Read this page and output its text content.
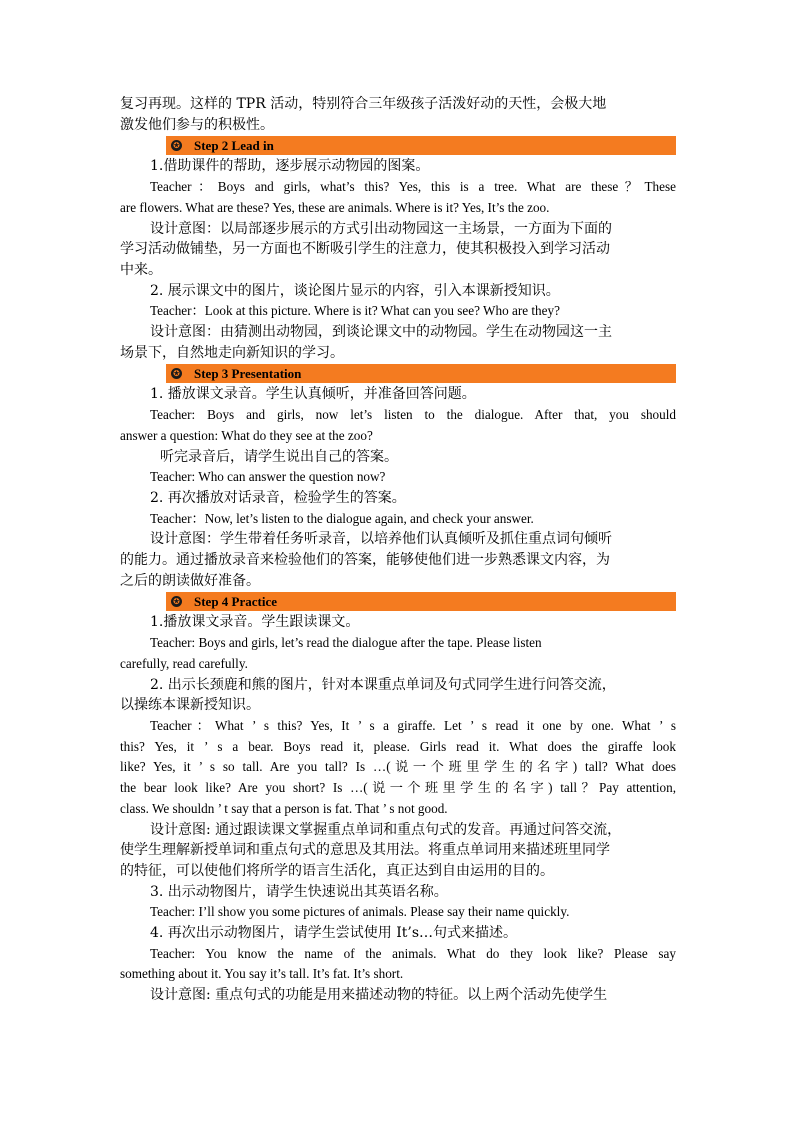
复习再现。这样的 TPR 活动，特别符合三年级孩子活泼好动的天性，会极大地
激发他们参与的积极性。
✪ Step 2 Lead in
1.借助课件的帮助，逐步展示动物园的图案。
Teacher：Boys and girls, what’s this? Yes, this is a tree. What are these？These
are flowers. What are these? Yes, these are animals. Where is it? Yes, It’s the zoo.
设计意图：以局部逐步展示的方式引出动物园这一主场景，一方面为下面的
学习活动做铺垫，另一方面也不断吸引学生的注意力，使其积极投入到学习活动
中来。
2. 展示课文中的图片，谈论图片显示的内容，引入本课新授知识。
Teacher：Look at this picture. Where is it? What can you see? Who are they?
设计意图：由猜测出动物园，到谈论课文中的动物园。学生在动物园这一主
场景下，自然地走向新知识的学习。
✪ Step 3 Presentation
1. 播放课文录音。学生认真倾听，并准备回答问题。
Teacher: Boys and girls, now let’s listen to the dialogue. After that, you should
answer a question: What do they see at the zoo?
听完录音后，请学生说出自己的答案。
Teacher: Who can answer the question now?
2. 再次播放对话录音，检验学生的答案。
Teacher：Now, let’s listen to the dialogue again, and check your answer.
设计意图：学生带着任务听录音，以培养他们认真倾听及抓住重点词句倾听
的能力。通过播放录音来检验他们的答案，能够使他们进一步熟悉课文内容，为
之后的朗读做好准备。
✪ Step 4 Practice
1.播放课文录音。学生跟读课文。
Teacher: Boys and girls, let’s read the dialogue after the tape. Please listen
carefully, read carefully.
2. 出示长颈鹿和熊的图片，针对本课重点单词及句式同学生进行问答交流，
以操练本课新授知识。
Teacher：What ’ s this? Yes, It ’ s a giraffe. Let ’ s read it one by one. What ’ s
this? Yes, it ’ s a bear. Boys read it, please. Girls read it. What does the giraffe look
like? Yes, it ’ s so tall. Are you tall? Is …(说一个班里学生的名字) tall? What does
the bear look like? Are you short? Is …(说一个班里学生的名字) tall？Pay attention,
class. We shouldn ’ t say that a person is fat. That ’ s not good.
设计意图: 通过跟读课文掌握重点单词和重点句式的发音。再通过问答交流，
使学生理解新授单词和重点句式的意思及其用法。将重点单词用来描述班里同学
的特征，可以使他们将所学的语言生活化，真正达到自由运用的目的。
3. 出示动物图片，请学生快速说出其英语名称。
Teacher: I’ll show you some pictures of animals. Please say their name quickly.
4. 再次出示动物图片，请学生尝试使用 It’s…句式来描述。
Teacher: You know the name of the animals. What do they look like? Please say
something about it. You say it’s tall. It’s fat. It’s short.
设计意图: 重点句式的功能是用来描述动物的特征。以上两个活动先使学生
